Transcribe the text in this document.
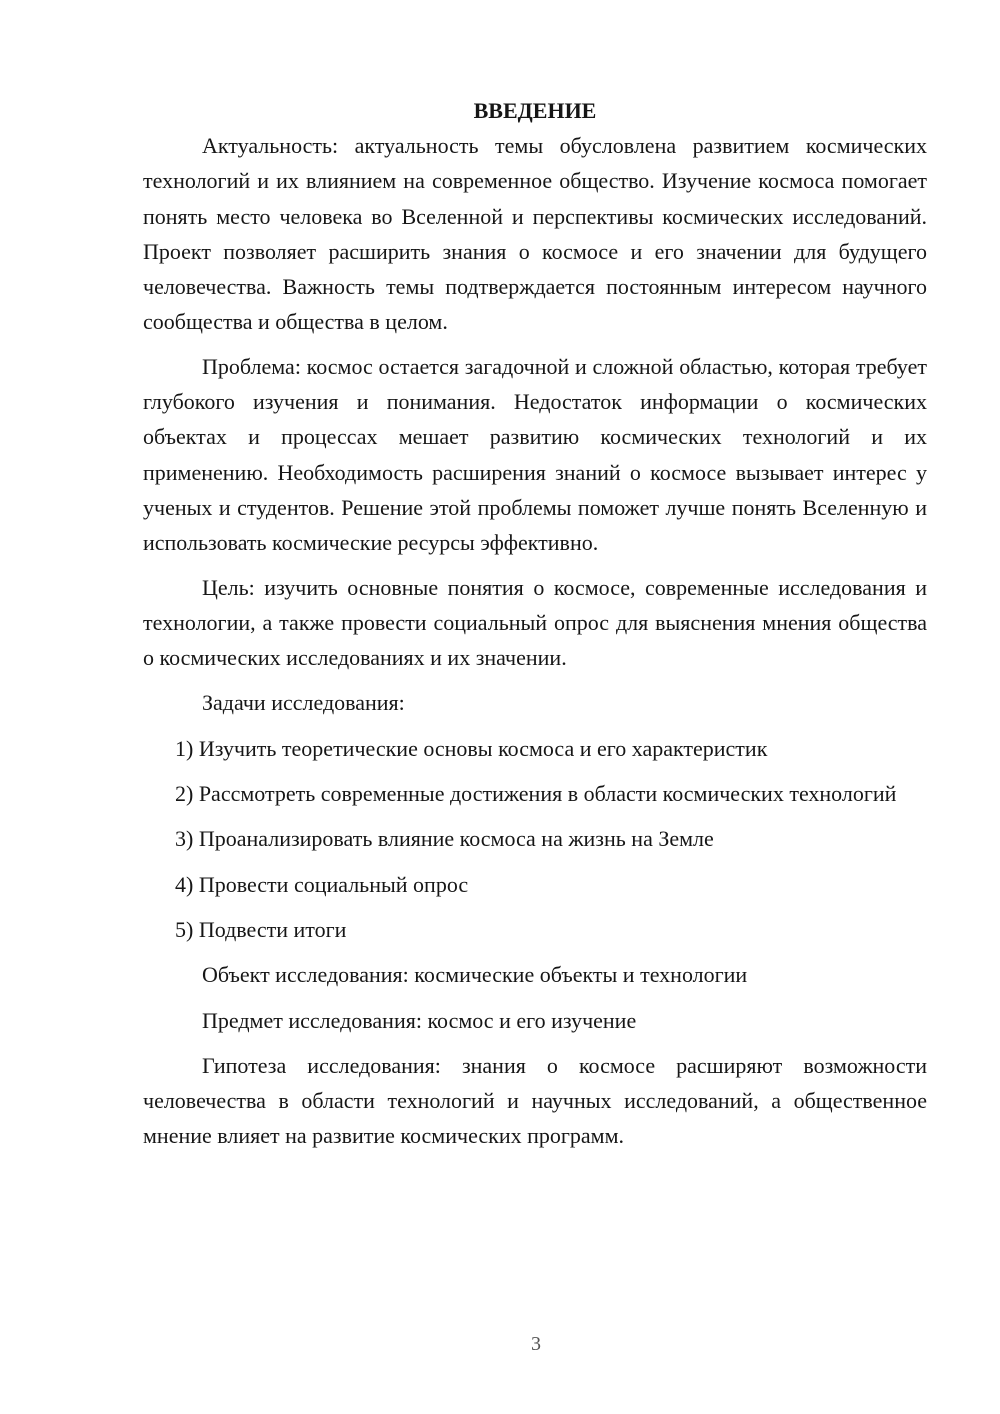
ВВЕДЕНИЕ

Актуальность: актуальность темы обусловлена развитием космических технологий и их влиянием на современное общество. Изучение космоса помогает понять место человека во Вселенной и перспективы космических исследований. Проект позволяет расширить знания о космосе и его значении для будущего человечества. Важность темы подтверждается постоянным интересом научного сообщества и общества в целом.

Проблема: космос остается загадочной и сложной областью, которая требует глубокого изучения и понимания. Недостаток информации о космических объектах и процессах мешает развитию космических технологий и их применению. Необходимость расширения знаний о космосе вызывает интерес у ученых и студентов. Решение этой проблемы поможет лучше понять Вселенную и использовать космические ресурсы эффективно.

Цель: изучить основные понятия о космосе, современные исследования и технологии, а также провести социальный опрос для выяснения мнения общества о космических исследованиях и их значении.

Задачи исследования:

1) Изучить теоретические основы космоса и его характеристик

2) Рассмотреть современные достижения в области космических технологий

3) Проанализировать влияние космоса на жизнь на Земле

4) Провести социальный опрос

5) Подвести итоги

Объект исследования: космические объекты и технологии

Предмет исследования: космос и его изучение

Гипотеза исследования: знания о космосе расширяют возможности человечества в области технологий и научных исследований, а общественное мнение влияет на развитие космических программ.

3
